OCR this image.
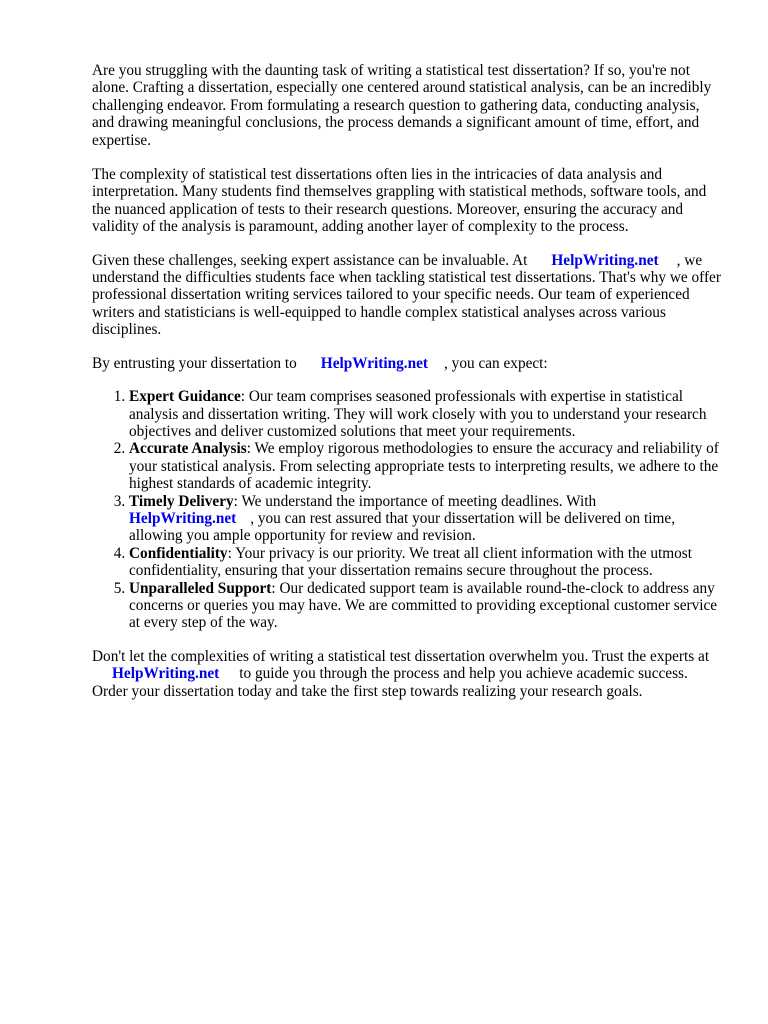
Are you struggling with the daunting task of writing a statistical test dissertation? If so, you're not alone. Crafting a dissertation, especially one centered around statistical analysis, can be an incredibly challenging endeavor. From formulating a research question to gathering data, conducting analysis, and drawing meaningful conclusions, the process demands a significant amount of time, effort, and expertise.

The complexity of statistical test dissertations often lies in the intricacies of data analysis and interpretation. Many students find themselves grappling with statistical methods, software tools, and the nuanced application of tests to their research questions. Moreover, ensuring the accuracy and validity of the analysis is paramount, adding another layer of complexity to the process.

Given these challenges, seeking expert assistance can be invaluable. At HelpWriting.net , we understand the difficulties students face when tackling statistical test dissertations. That's why we offer professional dissertation writing services tailored to your specific needs. Our team of experienced writers and statisticians is well-equipped to handle complex statistical analyses across various disciplines.

By entrusting your dissertation to HelpWriting.net , you can expect:

1. Expert Guidance: Our team comprises seasoned professionals with expertise in statistical analysis and dissertation writing. They will work closely with you to understand your research objectives and deliver customized solutions that meet your requirements.
2. Accurate Analysis: We employ rigorous methodologies to ensure the accuracy and reliability of your statistical analysis. From selecting appropriate tests to interpreting results, we adhere to the highest standards of academic integrity.
3. Timely Delivery: We understand the importance of meeting deadlines. With
HelpWriting.net , you can rest assured that your dissertation will be delivered on time, allowing you ample opportunity for review and revision.
4. Confidentiality: Your privacy is our priority. We treat all client information with the utmost confidentiality, ensuring that your dissertation remains secure throughout the process.
5. Unparalleled Support: Our dedicated support team is available round-the-clock to address any concerns or queries you may have. We are committed to providing exceptional customer service at every step of the way.

Don't let the complexities of writing a statistical test dissertation overwhelm you. Trust the experts at
HelpWriting.net to guide you through the process and help you achieve academic success. Order your dissertation today and take the first step towards realizing your research goals.
